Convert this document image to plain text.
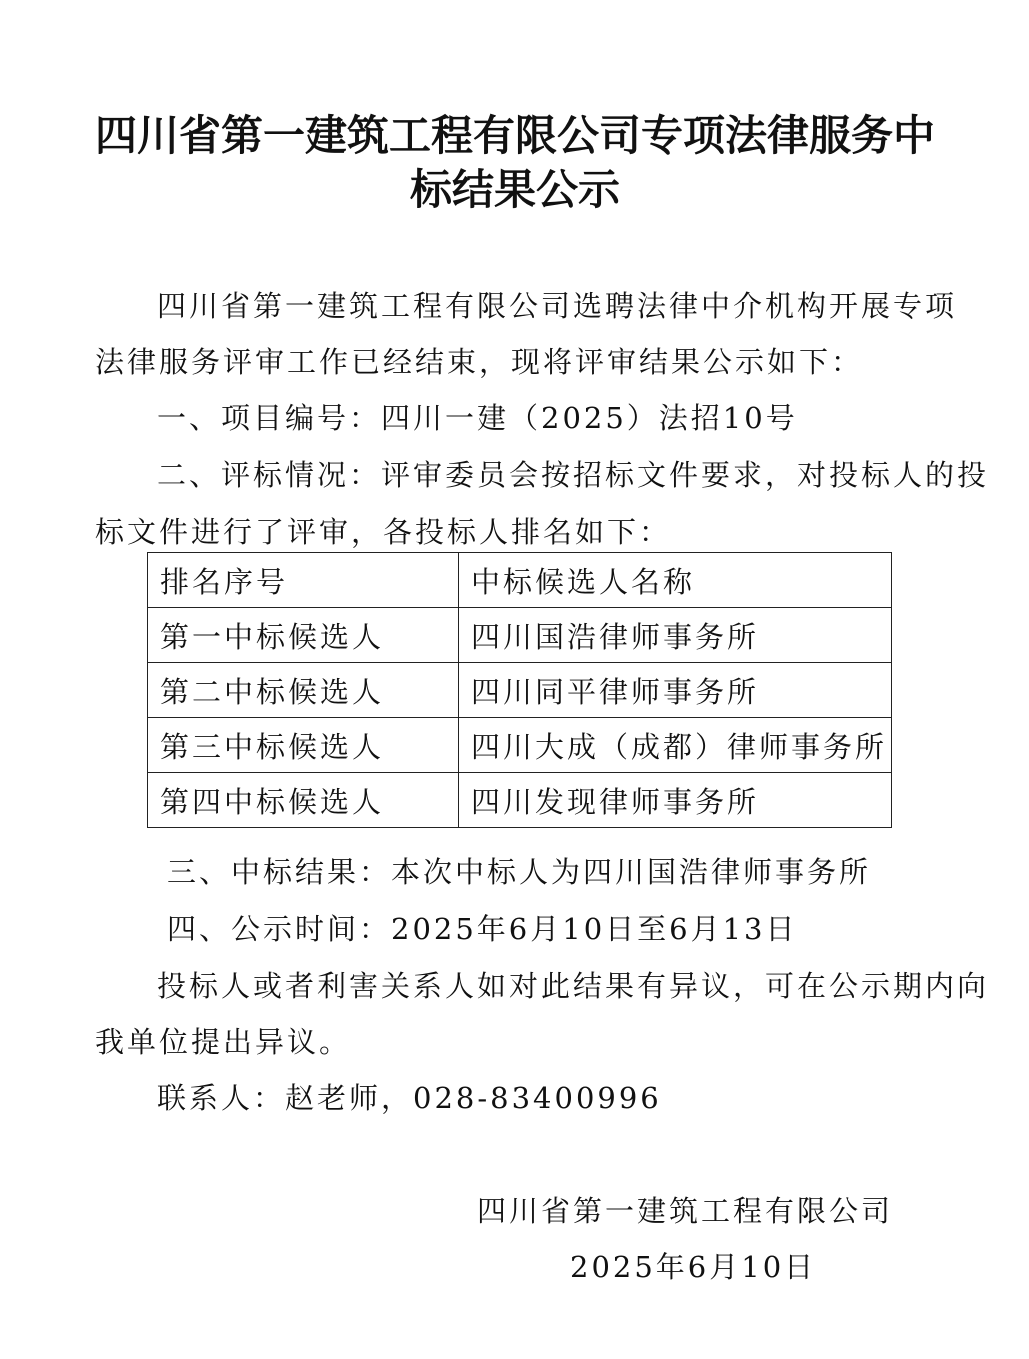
四川省第一建筑工程有限公司专项法律服务中
标结果公示
四川省第一建筑工程有限公司选聘法律中介机构开展专项
法律服务评审工作已经结束，现将评审结果公示如下：
一、项目编号：四川一建（2025）法招10号
二、评标情况：评审委员会按招标文件要求，对投标人的投
标文件进行了评审，各投标人排名如下：
排名序号	中标候选人名称
第一中标候选人	四川国浩律师事务所
第二中标候选人	四川同平律师事务所
第三中标候选人	四川大成（成都）律师事务所
第四中标候选人	四川发现律师事务所
三、中标结果：本次中标人为四川国浩律师事务所
四、公示时间：2025年6月10日至6月13日
投标人或者利害关系人如对此结果有异议，可在公示期内向
我单位提出异议。
联系人：赵老师，028-83400996
四川省第一建筑工程有限公司
2025年6月10日
